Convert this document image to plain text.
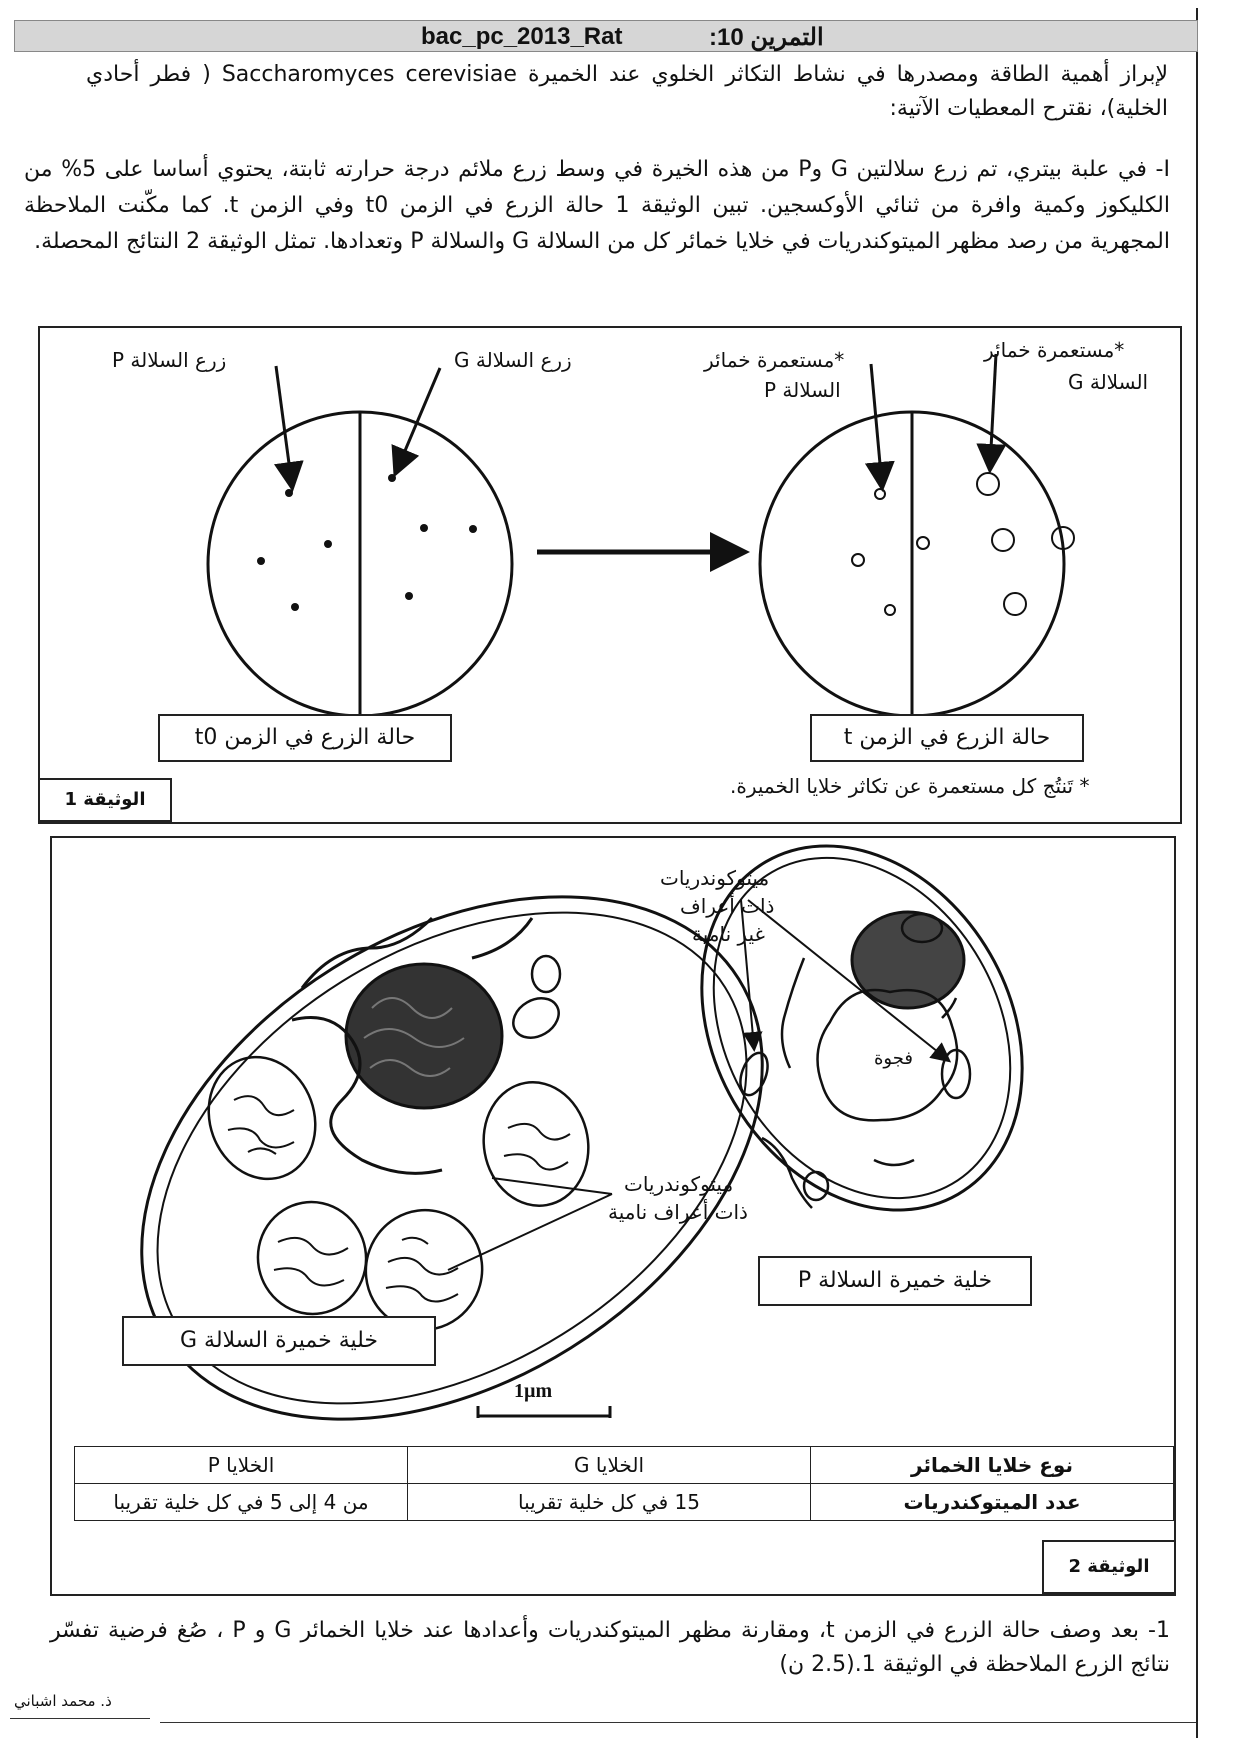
bac_pc_2013_Rat	التمرين 10:
لإبراز أهمية الطاقة ومصدرها في نشاط التكاثر الخلوي عند الخميرة Saccharomyces cerevisiae ( فطر أحادي الخلية)، نقترح المعطيات الآتية:
I- في علبة بيتري، تم زرع سلالتين G وP من هذه الخيرة في وسط زرع ملائم درجة حرارته ثابتة، يحتوي أساسا على 5% من الكليكوز وكمية وافرة من ثنائي الأوكسجين. تبين الوثيقة 1 حالة الزرع في الزمن t0 وفي الزمن t. كما مكّنت الملاحظة المجهرية من رصد مظهر الميتوكندريات في خلايا خمائر كل من السلالة G والسلالة P وتعدادها. تمثل الوثيقة 2 النتائج المحصلة.
زرع السلالة P	زرع السلالة G	*مستعمرة خمائر
السلالة P
*مستعمرة خمائر
السلالة G
حالة الزرع في الزمن t0	حالة الزرع في الزمن t
* تَنتُج كل مستعمرة عن تكاثر خلايا الخميرة.
الوثيقة 1
ميتوكوندريات
ذات أعراف
غير نامية
فجوة
ميتوكوندريات
ذات أعراف نامية
خلية خميرة السلالة P
خلية خميرة السلالة G
الوثيقة 2
1µm
الخلايا P	الخلايا G	نوع خلايا الخمائر
من 4 إلى 5 في كل خلية تقريبا	15 في كل خلية تقريبا	عدد الميتوكندريات
1- بعد وصف حالة الزرع في الزمن t، ومقارنة مظهر الميتوكندريات وأعدادها عند خلايا الخمائر G و P ، صُغ فرضية تفسّر نتائج الزرع الملاحظة في الوثيقة 1.(2.5 ن)
ذ. محمد اشباني
